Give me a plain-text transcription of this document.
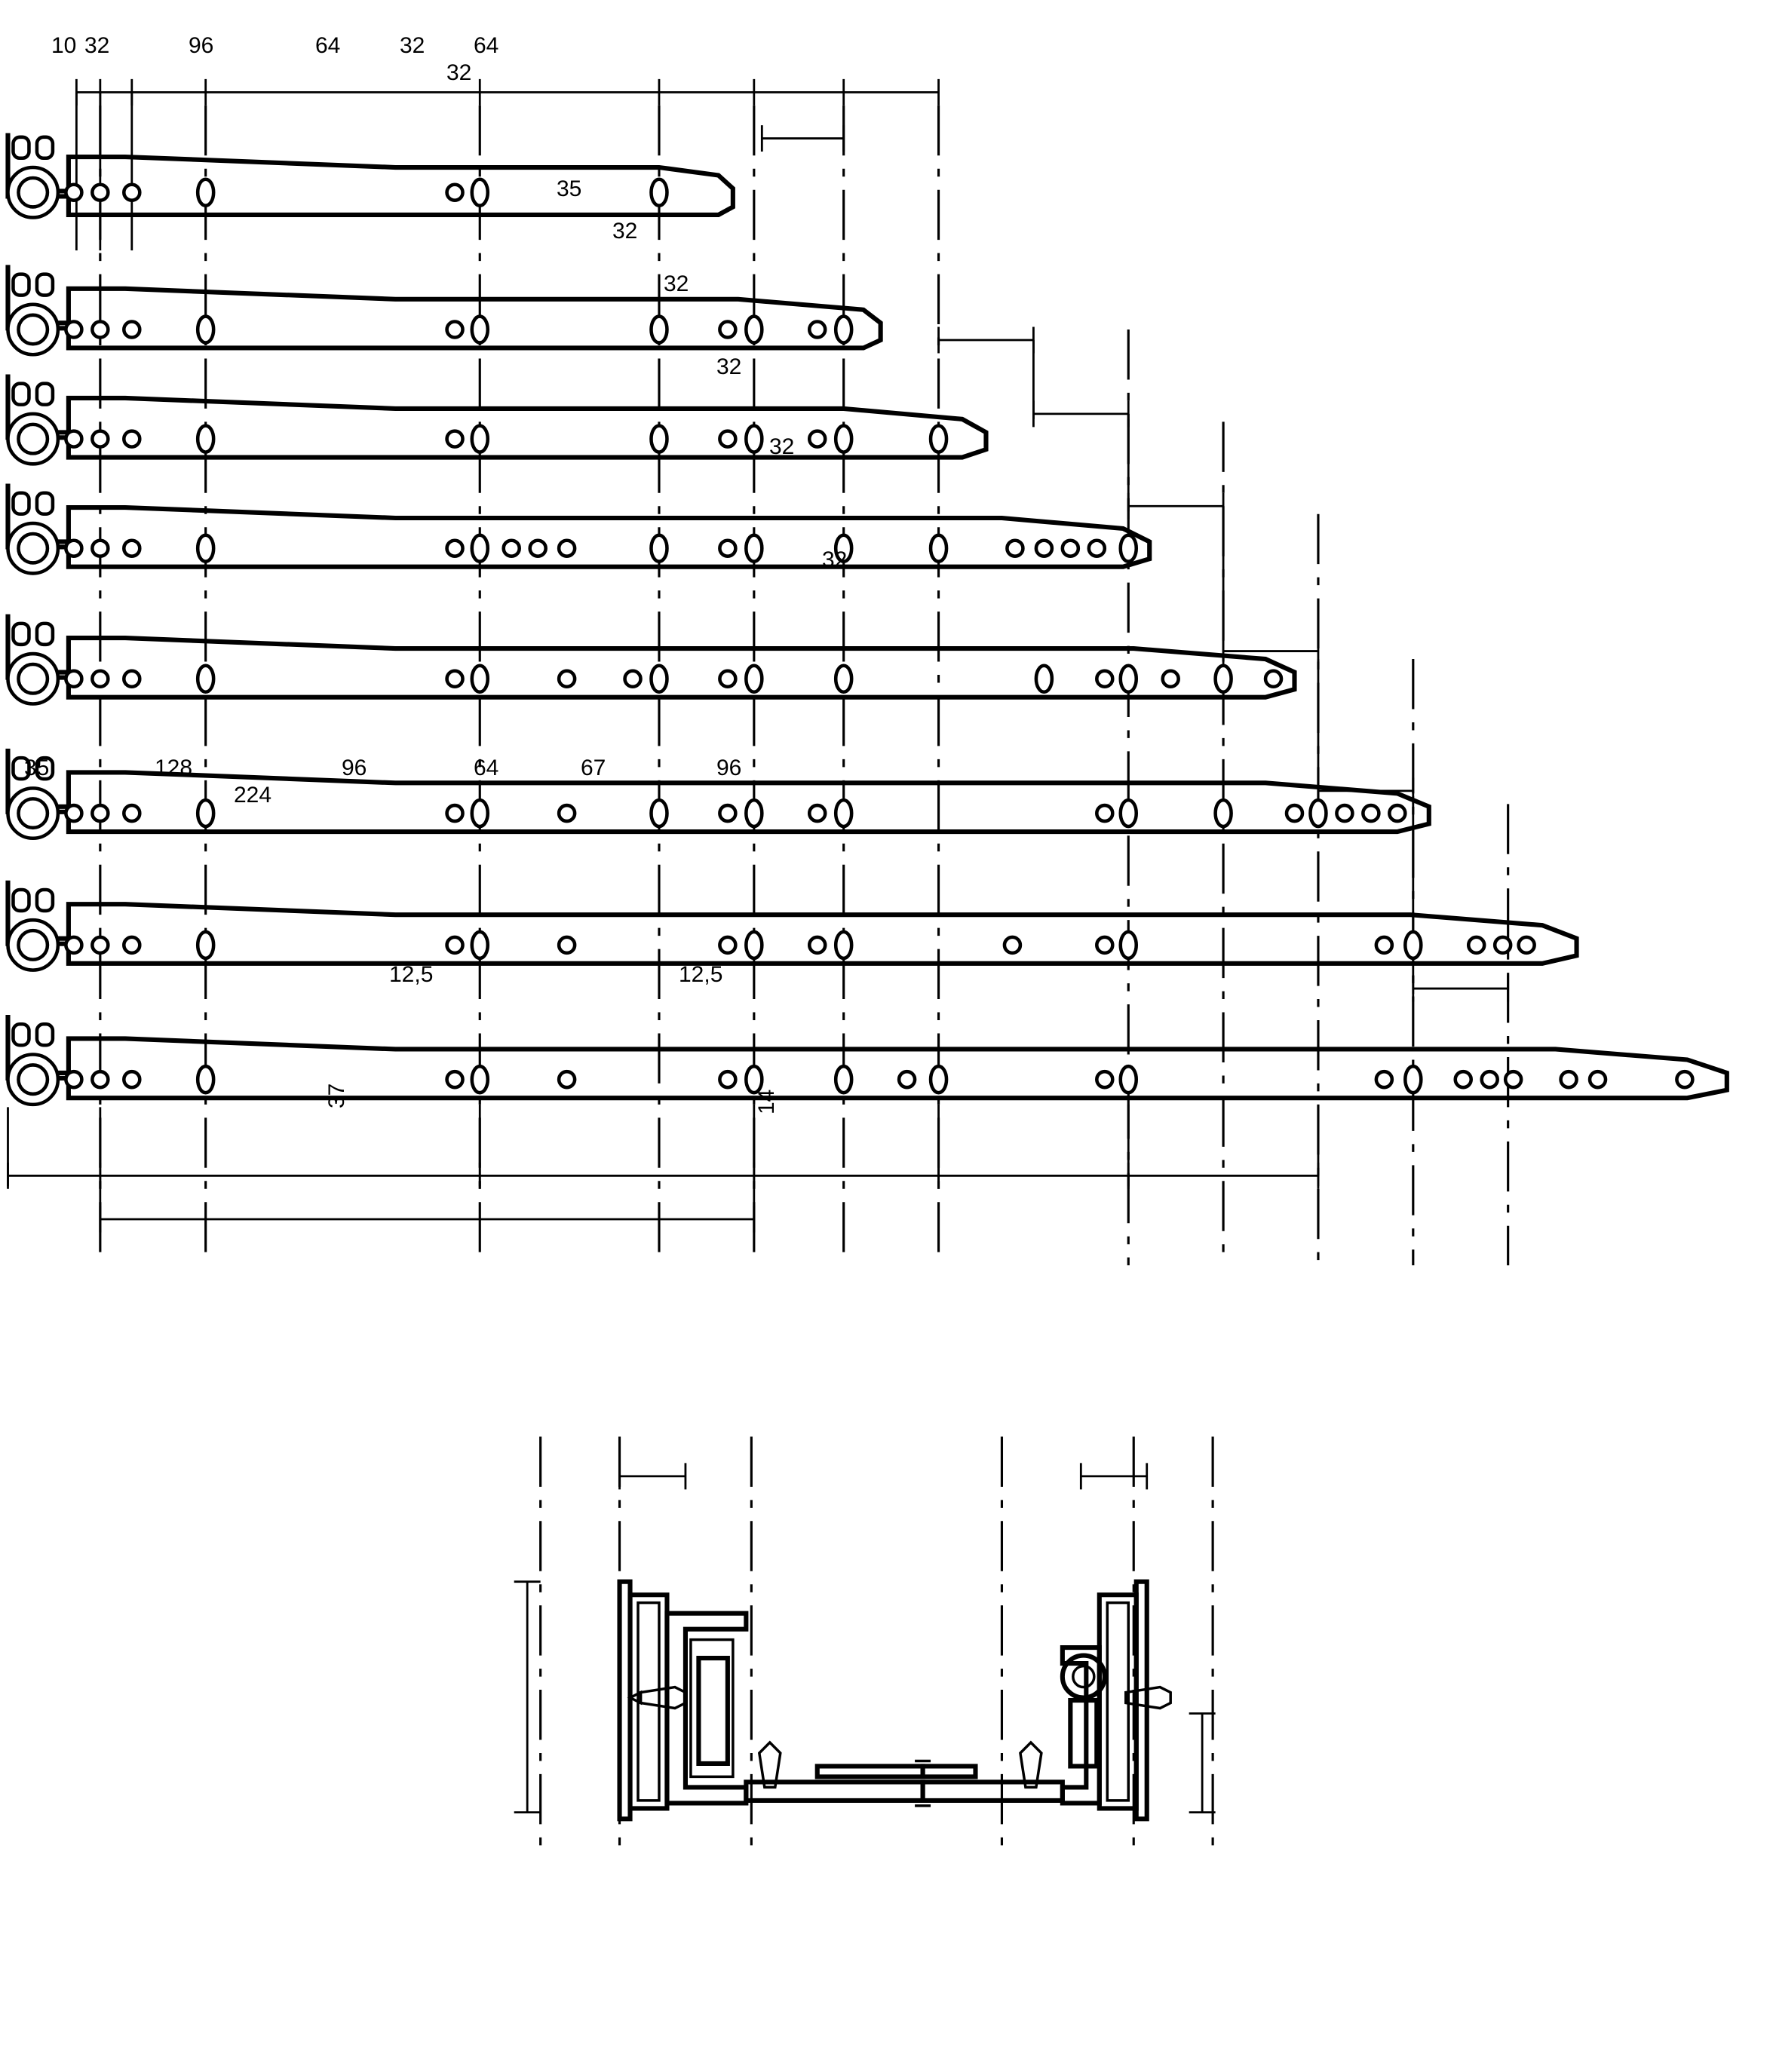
10 32	96	64	32 64
32
35
32
32
32
32
32
35	128	96	64	67	96
224
12,5	12,5
37	14
